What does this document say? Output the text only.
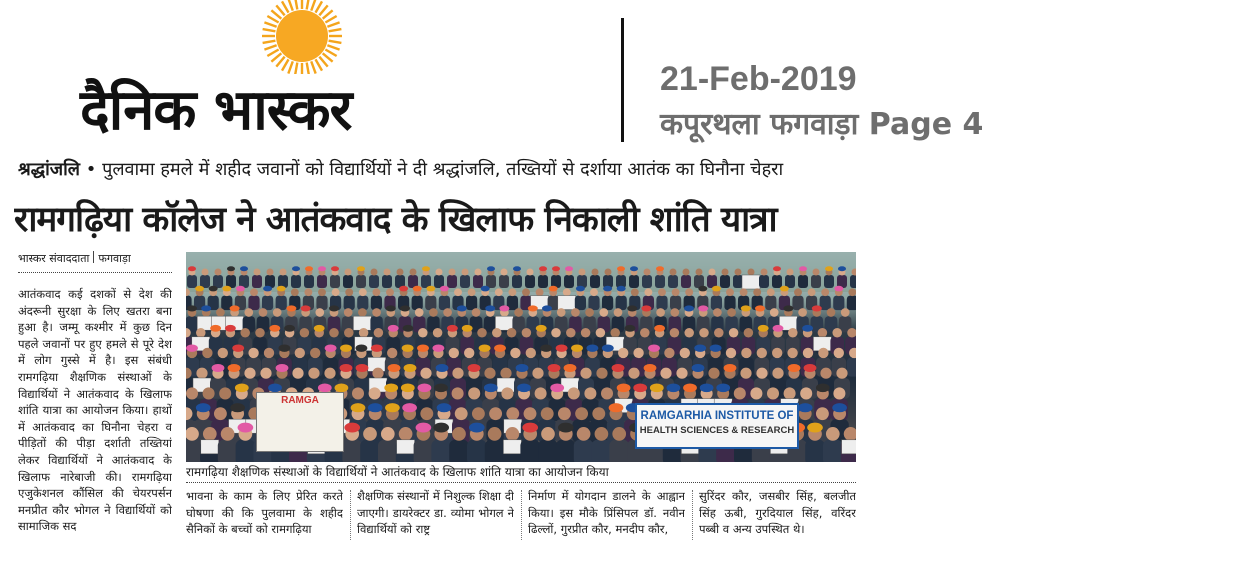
दैनिक भास्कर	21-Feb-2019
कपूरथला फगवाड़ा Page 4
श्रद्धांजलि • पुलवामा हमले में शहीद जवानों को विद्यार्थियों ने दी श्रद्धांजलि, तख्तियों से दर्शाया आतंक का घिनौना चेहरा
रामगढ़िया कॉलेज ने आतंकवाद के खिलाफ निकाली शांति यात्रा
भास्कर संवाददाता फगवाड़ा
आतंकवाद कई दशकों से देश की अंदरूनी सुरक्षा के लिए खतरा बना हुआ है। जम्मू कश्मीर में कुछ दिन पहले जवानों पर हुए हमले से पूरे देश में लोग गुस्से में है। इस संबंधी रामगढ़िया शैक्षणिक संस्थाओं के विद्यार्थियों ने आतंकवाद के खिलाफ शांति यात्रा का आयोजन किया। हाथों में आतंकवाद का घिनौना चेहरा व पीड़ितों की पीड़ा दर्शाती तख्तियां लेकर विद्यार्थियों ने आतंकवाद के खिलाफ नारेबाजी की। रामगढ़िया एजुकेशनल कौंसिल की चेयरपर्सन मनप्रीत कौर भोगल ने विद्यार्थियों को सामाजिक सद
RAMGA
RAMGARHIA INSTITUTE OF
HEALTH SCIENCES & RESEARCH
रामगढ़िया शैक्षणिक संस्थाओं के विद्यार्थियों ने आतंकवाद के खिलाफ शांति यात्रा का आयोजन किया
भावना के काम के लिए प्रेरित करते घोषणा की कि पुलवामा के शहीद सैनिकों के बच्चों को रामगढ़िया
शैक्षणिक संस्थानों में निशुल्क शिक्षा दी जाएगी। डायरेक्टर डा. व्योमा भोगल ने विद्यार्थियों को राष्ट्र
निर्माण में योगदान डालने के आह्वान किया। इस मौके प्रिंसिपल डॉ. नवीन ढिल्लों, गुरप्रीत कौर, मनदीप कौर,
सुरिंदर कौर, जसबीर सिंह, बलजीत सिंह ऊबी, गुरदियाल सिंह, वरिंदर पब्बी व अन्य उपस्थित थे।
